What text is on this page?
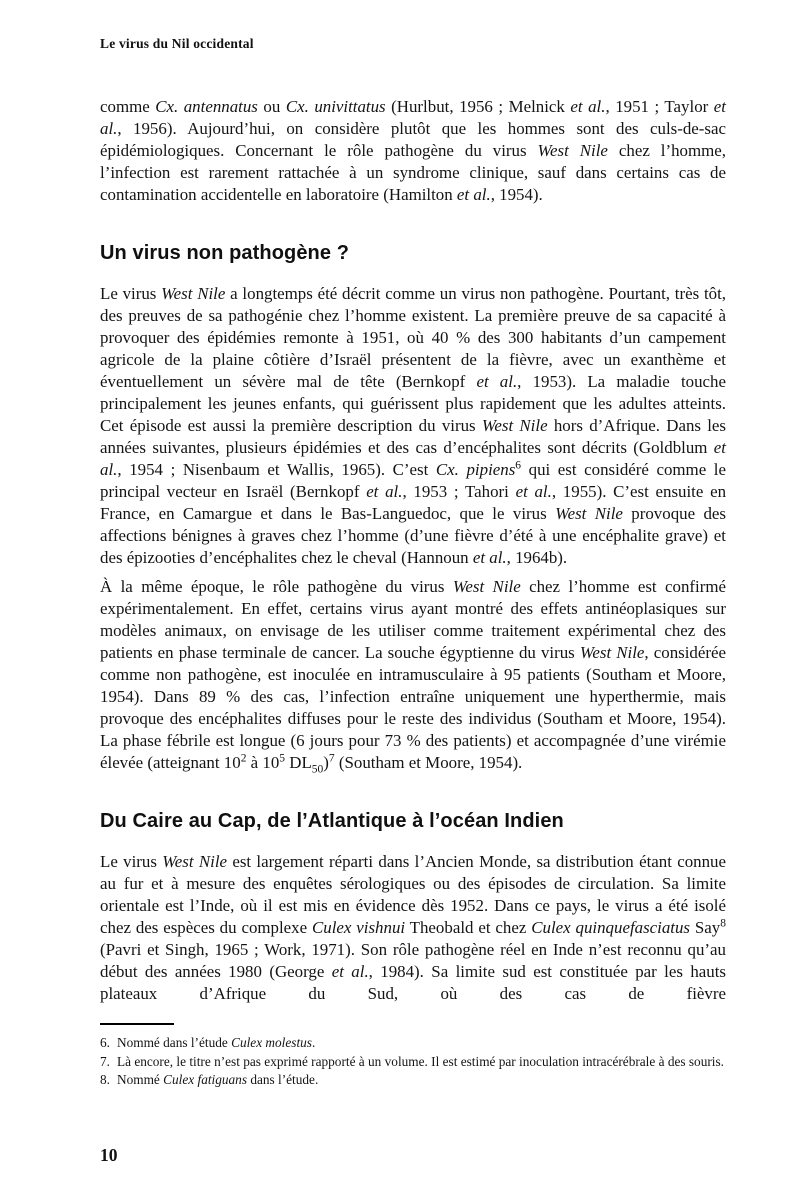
Le virus du Nil occidental

comme Cx. antennatus ou Cx. univittatus (Hurlbut, 1956 ; Melnick et al., 1951 ; Taylor et al., 1956). Aujourd’hui, on considère plutôt que les hommes sont des culs-de-sac épidémiologiques. Concernant le rôle pathogène du virus West Nile chez l’homme, l’infection est rarement rattachée à un syndrome clinique, sauf dans certains cas de contamination accidentelle en laboratoire (Hamilton et al., 1954).

Un virus non pathogène ?

Le virus West Nile a longtemps été décrit comme un virus non pathogène. Pourtant, très tôt, des preuves de sa pathogénie chez l’homme existent. La première preuve de sa capacité à provoquer des épidémies remonte à 1951, où 40 % des 300 habitants d’un campement agricole de la plaine côtière d’Israël présentent de la fièvre, avec un exanthème et éventuellement un sévère mal de tête (Bernkopf et al., 1953). La maladie touche principalement les jeunes enfants, qui guérissent plus rapidement que les adultes atteints. Cet épisode est aussi la première description du virus West Nile hors d’Afrique. Dans les années suivantes, plusieurs épidémies et des cas d’encéphalites sont décrits (Goldblum et al., 1954 ; Nisenbaum et Wallis, 1965). C’est Cx. pipiens$^6$ qui est considéré comme le principal vecteur en Israël (Bernkopf et al., 1953 ; Tahori et al., 1955). C’est ensuite en France, en Camargue et dans le Bas-Languedoc, que le virus West Nile provoque des affections bénignes à graves chez l’homme (d’une fièvre d’été à une encéphalite grave) et des épizooties d’encéphalites chez le cheval (Hannoun et al., 1964b).

À la même époque, le rôle pathogène du virus West Nile chez l’homme est confirmé expérimentalement. En effet, certains virus ayant montré des effets antinéoplasiques sur modèles animaux, on envisage de les utiliser comme traitement expérimental chez des patients en phase terminale de cancer. La souche égyptienne du virus West Nile, considérée comme non pathogène, est inoculée en intramusculaire à 95 patients (Southam et Moore, 1954). Dans 89 % des cas, l’infection entraîne uniquement une hyperthermie, mais provoque des encéphalites diffuses pour le reste des individus (Southam et Moore, 1954). La phase fébrile est longue (6 jours pour 73 % des patients) et accompagnée d’une virémie élevée (atteignant $10^2$ à $10^5$ $DL_{50})^7$ (Southam et Moore, 1954).

Du Caire au Cap, de l’Atlantique à l’océan Indien

Le virus West Nile est largement réparti dans l’Ancien Monde, sa distribution étant connue au fur et à mesure des enquêtes sérologiques ou des épisodes de circulation. Sa limite orientale est l’Inde, où il est mis en évidence dès 1952. Dans ce pays, le virus a été isolé chez des espèces du complexe Culex vishnui Theobald et chez Culex quinquefasciatus Say$^8$ (Pavri et Singh, 1965 ; Work, 1971). Son rôle pathogène réel en Inde n’est reconnu qu’au début des années 1980 (George et al., 1984). Sa limite sud est constituée par les hauts plateaux d’Afrique du Sud, où des cas de fièvre

6. Nommé dans l’étude Culex molestus.
7. Là encore, le titre n’est pas exprimé rapporté à un volume. Il est estimé par inoculation intracérébrale à des souris.
8. Nommé Culex fatiguans dans l’étude.
10
